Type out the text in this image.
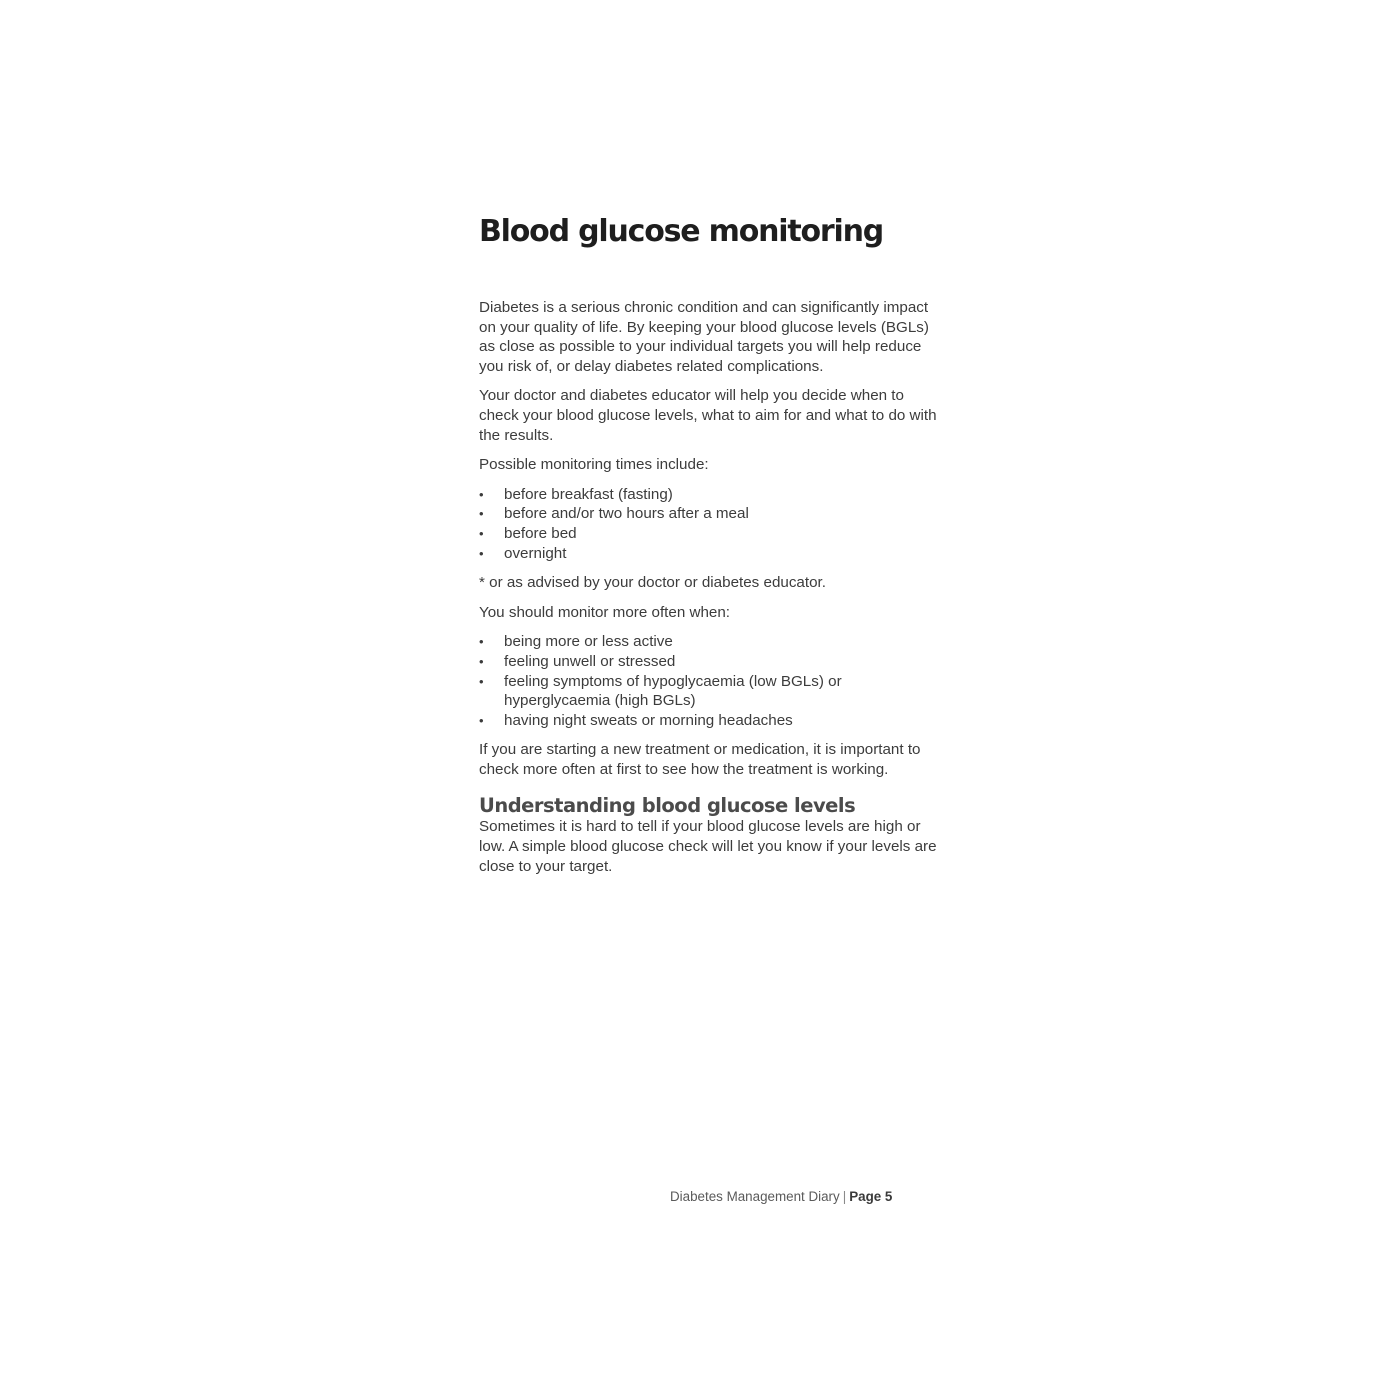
Blood glucose monitoring

Diabetes is a serious chronic condition and can significantly impact on your quality of life. By keeping your blood glucose levels (BGLs) as close as possible to your individual targets you will help reduce you risk of, or delay diabetes related complications.

Your doctor and diabetes educator will help you decide when to check your blood glucose levels, what to aim for and what to do with the results.

Possible monitoring times include:

•	before breakfast (fasting)
•	before and/or two hours after a meal
•	before bed
•	overnight

* or as advised by your doctor or diabetes educator.

You should monitor more often when:

•	being more or less active
•	feeling unwell or stressed
•	feeling symptoms of hypoglycaemia (low BGLs) or hyperglycaemia (high BGLs)
•	having night sweats or morning headaches

If you are starting a new treatment or medication, it is important to check more often at first to see how the treatment is working.

Understanding blood glucose levels

Sometimes it is hard to tell if your blood glucose levels are high or low. A simple blood glucose check will let you know if your levels are close to your target.

Diabetes Management Diary | Page 5
